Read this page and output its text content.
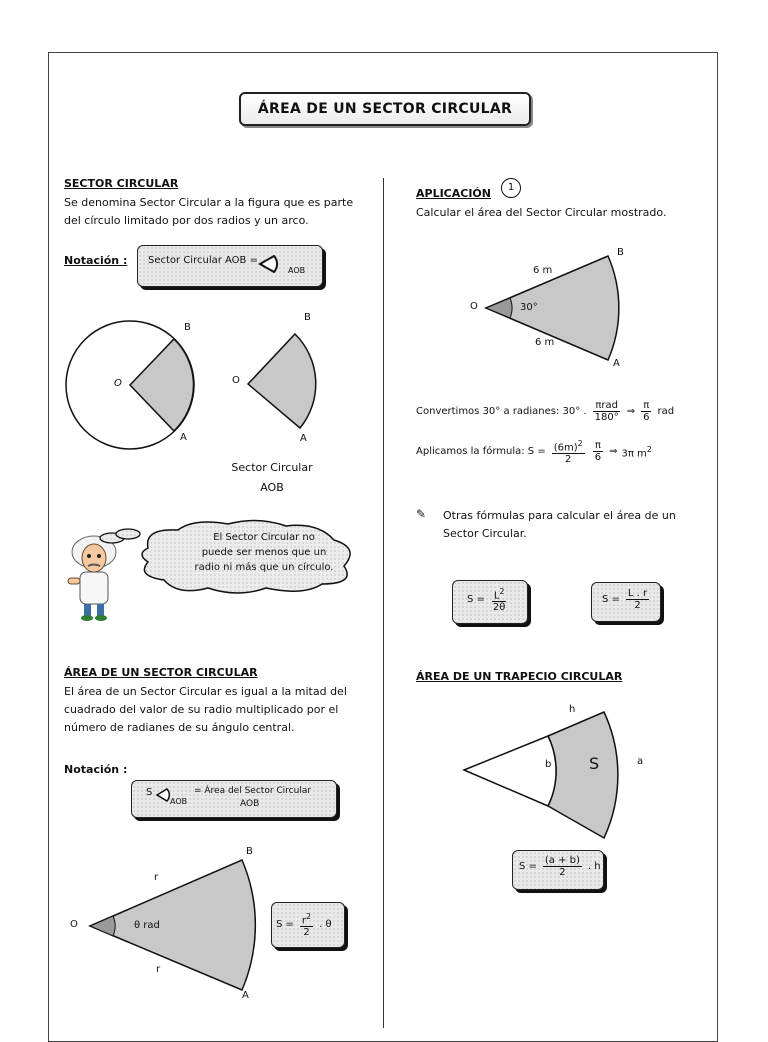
ÁREA DE UN SECTOR CIRCULAR
SECTOR CIRCULAR
Se denomina Sector Circular a la figura que es parte
del círculo limitado por dos radios y un arco.
Notación : Sector Circular AOB =
AOB
B
O
A
B
O
A
Sector Circular
AOB
El Sector Circular no
puede ser menos que un
radio ni más que un círculo.
ÁREA DE UN SECTOR CIRCULAR
El área de un Sector Circular es igual a la mitad del
cuadrado del valor de su radio multiplicado por el
número de radianes de su ángulo central.
Notación :
S
AOB
= Área del Sector Circular
AOB
B
r
O	θ rad
r
A
$S = \frac{r^2}{2}$ . θ
APLICACIÓN	1
Calcular el área del Sector Circular mostrado.
B
6 m
O	30°
6 m
A
Convertimos 30° a radianes: 30° . $\frac{\text{πrad}}{180^\circ}$ ⇒ $\frac{\pi}{6}$ rad
Aplicamos la fórmula: $S = \frac{(6m)^2}{2} \frac{\pi}{6}$ ⇒ 3π $m^2$
✎ Otras fórmulas para calcular el área de un
Sector Circular.
$S = \frac{L^2}{2\theta}$	$S = \frac{L . r}{2}$
ÁREA DE UN TRAPECIO CIRCULAR
h
b S	a
$S = \frac{(a + b)}{2}$ . h
